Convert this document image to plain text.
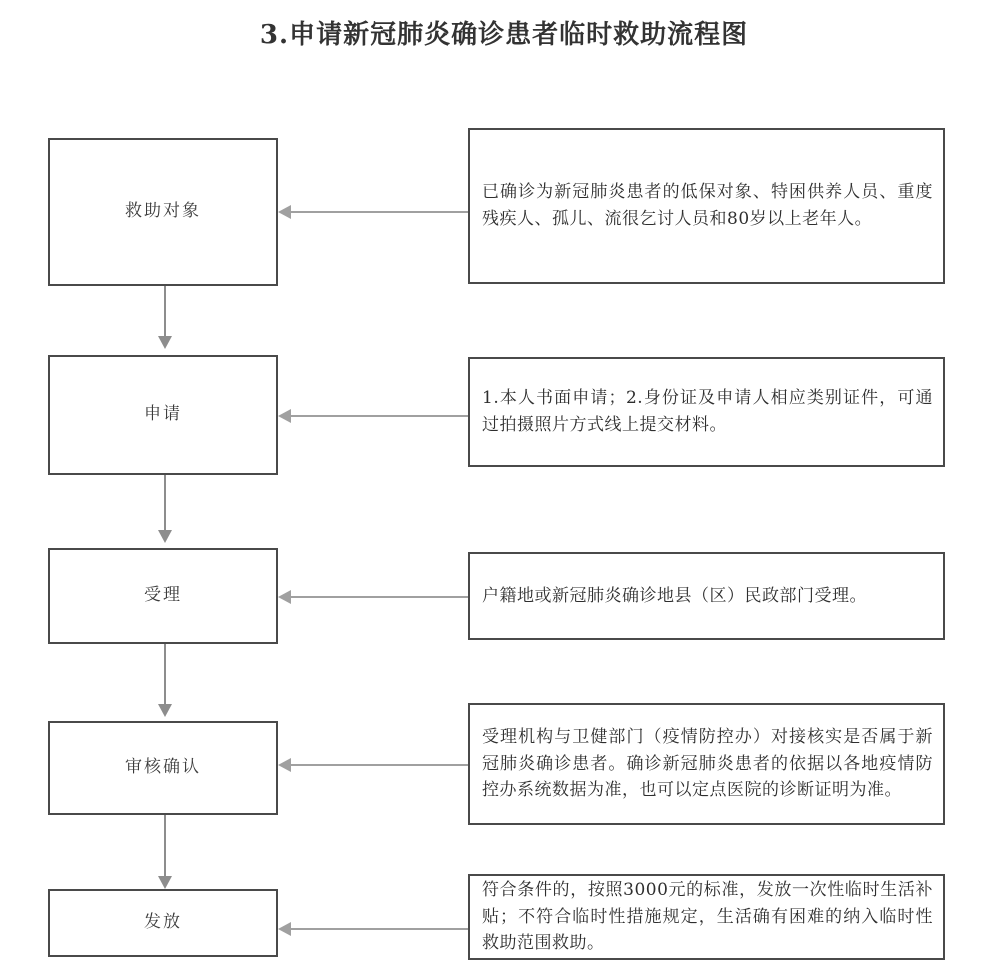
3.申请新冠肺炎确诊患者临时救助流程图
救助对象
已确诊为新冠肺炎患者的低保对象、特困供养人员、重度残疾人、孤儿、流很乞讨人员和80岁以上老年人。
申请
1.本人书面申请；2.身份证及申请人相应类别证件，可通过拍摄照片方式线上提交材料。
受理	户籍地或新冠肺炎确诊地县（区）民政部门受理。
审核确认
受理机构与卫健部门（疫情防控办）对接核实是否属于新冠肺炎确诊患者。确诊新冠肺炎患者的依据以各地疫情防控办系统数据为准，也可以定点医院的诊断证明为准。
发放
符合条件的，按照3000元的标准，发放一次性临时生活补贴；不符合临时性措施规定，生活确有困难的纳入临时性救助范围救助。
